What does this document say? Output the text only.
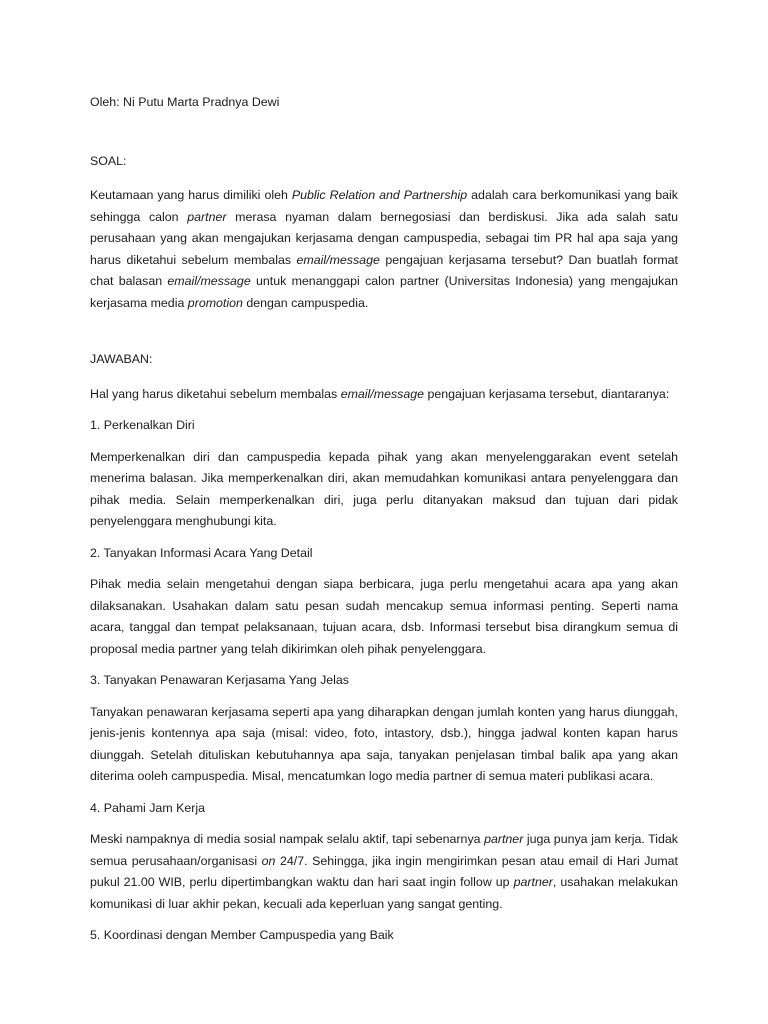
Oleh: Ni Putu Marta Pradnya Dewi

SOAL:

Keutamaan yang harus dimiliki oleh Public Relation and Partnership adalah cara berkomunikasi yang baik sehingga calon partner merasa nyaman dalam bernegosiasi dan berdiskusi. Jika ada salah satu perusahaan yang akan mengajukan kerjasama dengan campuspedia, sebagai tim PR hal apa saja yang harus diketahui sebelum membalas email/message pengajuan kerjasama tersebut? Dan buatlah format chat balasan email/message untuk menanggapi calon partner (Universitas Indonesia) yang mengajukan kerjasama media promotion dengan campuspedia.

JAWABAN:

Hal yang harus diketahui sebelum membalas email/message pengajuan kerjasama tersebut, diantaranya:

1. Perkenalkan Diri

Memperkenalkan diri dan campuspedia kepada pihak yang akan menyelenggarakan event setelah menerima balasan. Jika memperkenalkan diri, akan memudahkan komunikasi antara penyelenggara dan pihak media. Selain memperkenalkan diri, juga perlu ditanyakan maksud dan tujuan dari pidak penyelenggara menghubungi kita.

2. Tanyakan Informasi Acara Yang Detail

Pihak media selain mengetahui dengan siapa berbicara, juga perlu mengetahui acara apa yang akan dilaksanakan. Usahakan dalam satu pesan sudah mencakup semua informasi penting. Seperti nama acara, tanggal dan tempat pelaksanaan, tujuan acara, dsb. Informasi tersebut bisa dirangkum semua di proposal media partner yang telah dikirimkan oleh pihak penyelenggara.

3. Tanyakan Penawaran Kerjasama Yang Jelas

Tanyakan penawaran kerjasama seperti apa yang diharapkan dengan jumlah konten yang harus diunggah, jenis-jenis kontennya apa saja (misal: video, foto, intastory, dsb.), hingga jadwal konten kapan harus diunggah. Setelah dituliskan kebutuhannya apa saja, tanyakan penjelasan timbal balik apa yang akan diterima ooleh campuspedia. Misal, mencatumkan logo media partner di semua materi publikasi acara.

4. Pahami Jam Kerja

Meski nampaknya di media sosial nampak selalu aktif, tapi sebenarnya partner juga punya jam kerja. Tidak semua perusahaan/organisasi on 24/7. Sehingga, jika ingin mengirimkan pesan atau email di Hari Jumat pukul 21.00 WIB, perlu dipertimbangkan waktu dan hari saat ingin follow up partner, usahakan melakukan komunikasi di luar akhir pekan, kecuali ada keperluan yang sangat genting.

5. Koordinasi dengan Member Campuspedia yang Baik
